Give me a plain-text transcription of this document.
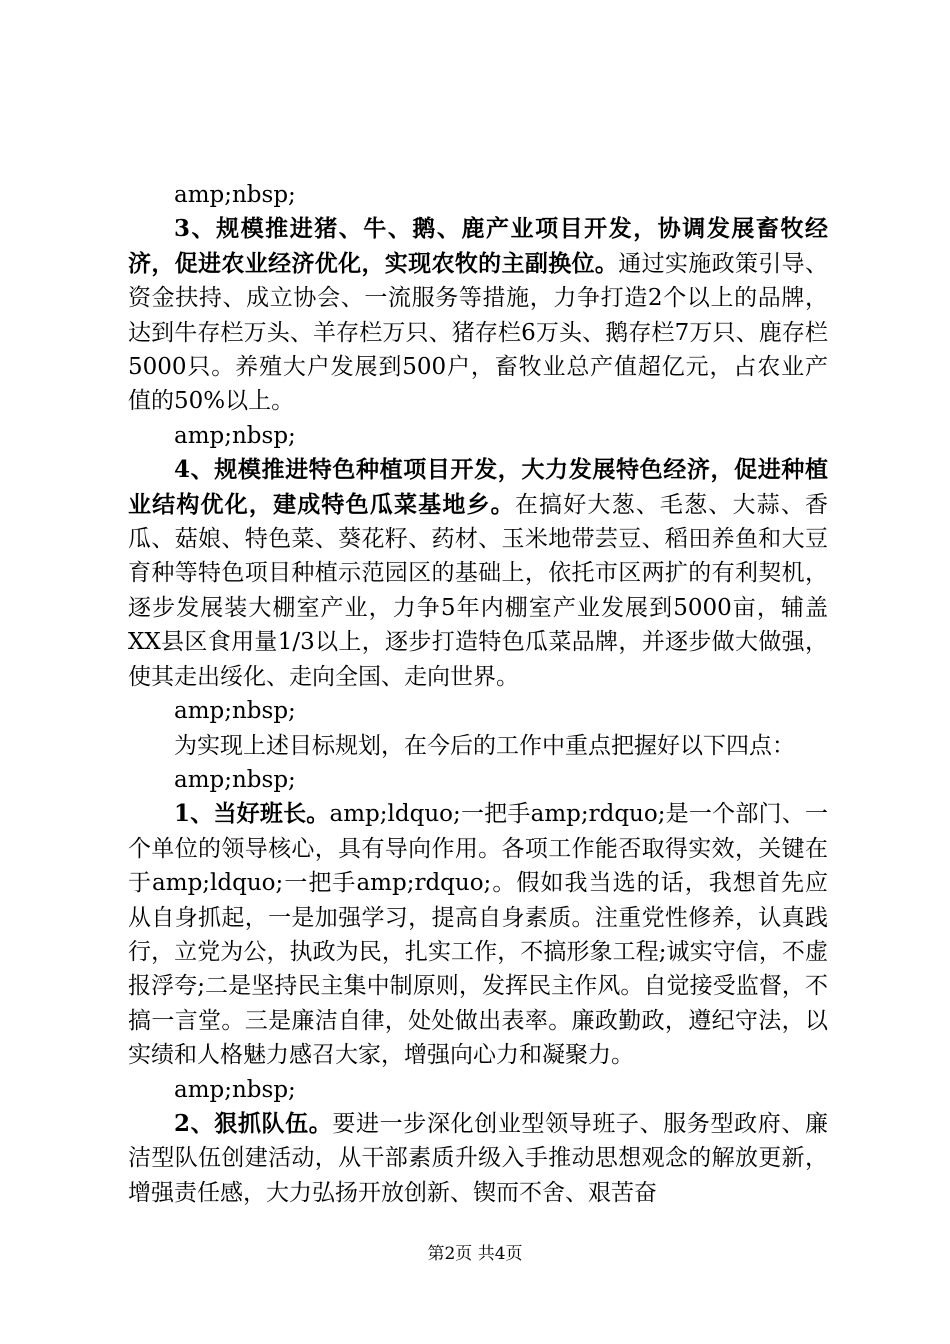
amp;nbsp;

3、规模推进猪、牛、鹅、鹿产业项目开发，协调发展畜牧经济，促进农业经济优化，实现农牧的主副换位。通过实施政策引导、资金扶持、成立协会、一流服务等措施，力争打造2个以上的品牌，达到牛存栏万头、羊存栏万只、猪存栏6万头、鹅存栏7万只、鹿存栏5000只。养殖大户发展到500户，畜牧业总产值超亿元，占农业产值的50%以上。

amp;nbsp;

4、规模推进特色种植项目开发，大力发展特色经济，促进种植业结构优化，建成特色瓜菜基地乡。在搞好大葱、毛葱、大蒜、香瓜、菇娘、特色菜、葵花籽、药材、玉米地带芸豆、稻田养鱼和大豆育种等特色项目种植示范园区的基础上，依托市区两扩的有利契机，逐步发展装大棚室产业，力争5年内棚室产业发展到5000亩，辅盖XX县区食用量1/3以上，逐步打造特色瓜菜品牌，并逐步做大做强，使其走出绥化、走向全国、走向世界。

amp;nbsp;

为实现上述目标规划，在今后的工作中重点把握好以下四点：

amp;nbsp;

1、当好班长。amp;ldquo;一把手amp;rdquo;是一个部门、一个单位的领导核心，具有导向作用。各项工作能否取得实效，关键在于amp;ldquo;一把手amp;rdquo;。假如我当选的话，我想首先应从自身抓起，一是加强学习，提高自身素质。注重党性修养，认真践行，立党为公，执政为民，扎实工作，不搞形象工程;诚实守信，不虚报浮夸;二是坚持民主集中制原则，发挥民主作风。自觉接受监督，不搞一言堂。三是廉洁自律，处处做出表率。廉政勤政，遵纪守法，以实绩和人格魅力感召大家，增强向心力和凝聚力。

amp;nbsp;

2、狠抓队伍。要进一步深化创业型领导班子、服务型政府、廉洁型队伍创建活动，从干部素质升级入手推动思想观念的解放更新，增强责任感，大力弘扬开放创新、锲而不舍、艰苦奋

第2页 共4页
